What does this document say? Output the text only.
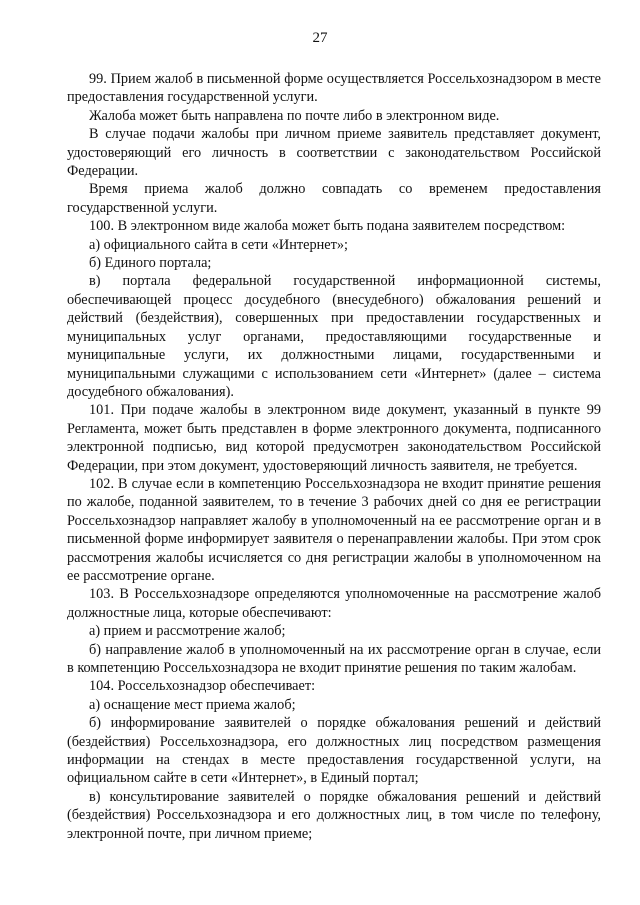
27

99. Прием жалоб в письменной форме осуществляется Россельхознадзором в месте предоставления государственной услуги.

Жалоба может быть направлена по почте либо в электронном виде.

В случае подачи жалобы при личном приеме заявитель представляет документ, удостоверяющий его личность в соответствии с законодательством Российской Федерации.

Время приема жалоб должно совпадать со временем предоставления государственной услуги.

100. В электронном виде жалоба может быть подана заявителем посредством:

а) официального сайта в сети «Интернет»;

б) Единого портала;

в) портала федеральной государственной информационной системы, обеспечивающей процесс досудебного (внесудебного) обжалования решений и действий (бездействия), совершенных при предоставлении государственных и муниципальных услуг органами, предоставляющими государственные и муниципальные услуги, их должностными лицами, государственными и муниципальными служащими с использованием сети «Интернет» (далее – система досудебного обжалования).

101. При подаче жалобы в электронном виде документ, указанный в пункте 99 Регламента, может быть представлен в форме электронного документа, подписанного электронной подписью, вид которой предусмотрен законодательством Российской Федерации, при этом документ, удостоверяющий личность заявителя, не требуется.

102. В случае если в компетенцию Россельхознадзора не входит принятие решения по жалобе, поданной заявителем, то в течение 3 рабочих дней со дня ее регистрации Россельхознадзор направляет жалобу в уполномоченный на ее рассмотрение орган и в письменной форме информирует заявителя о перенаправлении жалобы. При этом срок рассмотрения жалобы исчисляется со дня регистрации жалобы в уполномоченном на ее рассмотрение органе.

103. В Россельхознадзоре определяются уполномоченные на рассмотрение жалоб должностные лица, которые обеспечивают:

а) прием и рассмотрение жалоб;

б) направление жалоб в уполномоченный на их рассмотрение орган в случае, если в компетенцию Россельхознадзора не входит принятие решения по таким жалобам.

104. Россельхознадзор обеспечивает:

а) оснащение мест приема жалоб;

б) информирование заявителей о порядке обжалования решений и действий (бездействия) Россельхознадзора, его должностных лиц посредством размещения информации на стендах в месте предоставления государственной услуги, на официальном сайте в сети «Интернет», в Единый портал;

в) консультирование заявителей о порядке обжалования решений и действий (бездействия) Россельхознадзора и его должностных лиц, в том числе по телефону, электронной почте, при личном приеме;
